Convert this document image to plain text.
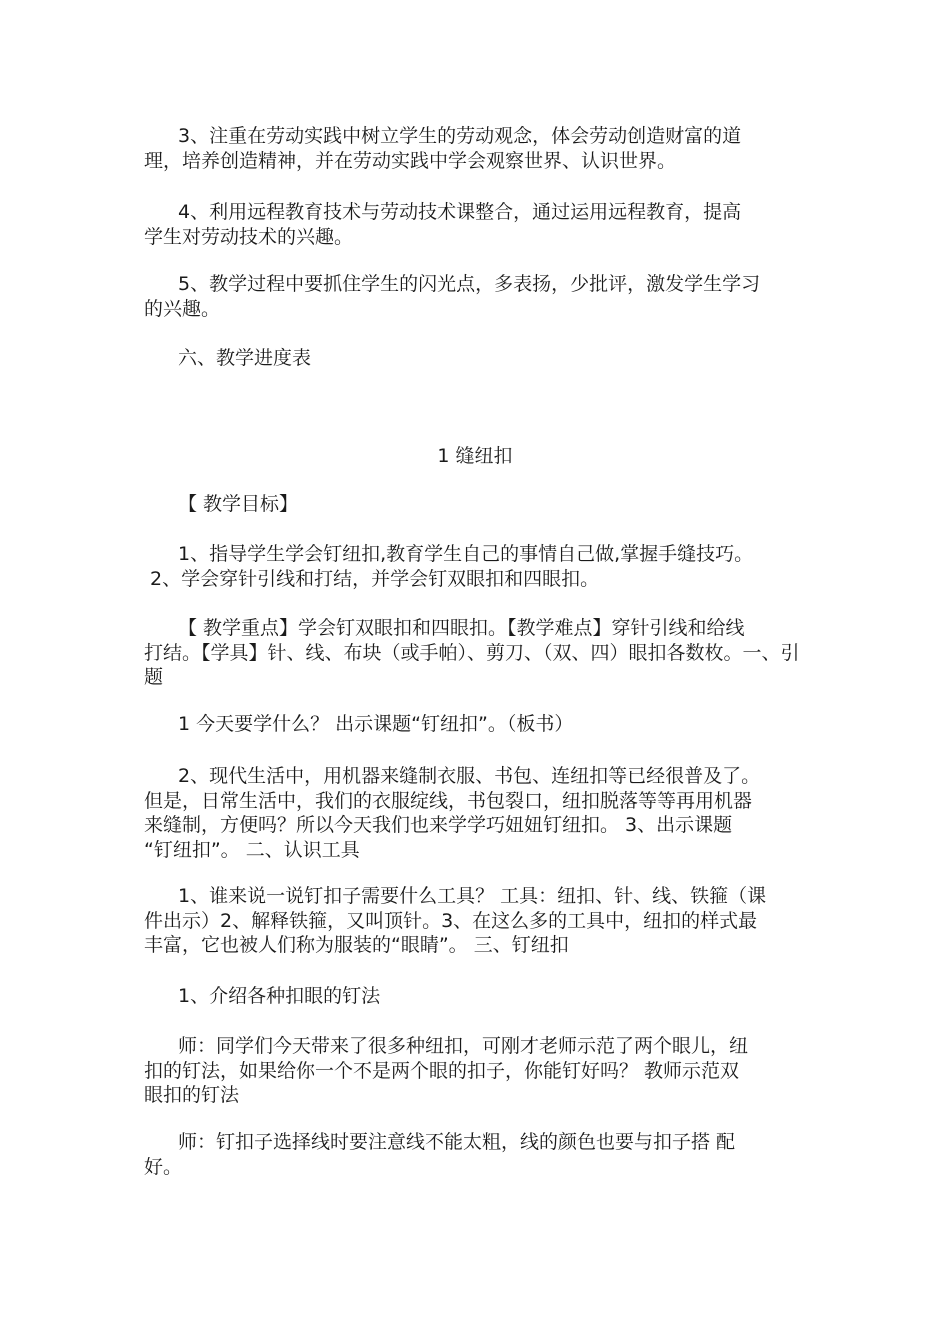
3、注重在劳动实践中树立学生的劳动观念，体会劳动创造财富的道
理，培养创造精神，并在劳动实践中学会观察世界、认识世界。
4、利用远程教育技术与劳动技术课整合，通过运用远程教育，提高
学生对劳动技术的兴趣。
5、教学过程中要抓住学生的闪光点，多表扬，少批评，激发学生学习
的兴趣。
六、教学进度表
1 缝纽扣
【 教学目标】
1、指导学生学会钉纽扣,教育学生自己的事情自己做,掌握手缝技巧。
2、学会穿针引线和打结，并学会钉双眼扣和四眼扣。
【 教学重点】学会钉双眼扣和四眼扣。【教学难点】穿针引线和给线
打结。【学具】针、线、布块（或手帕）、剪刀、（双、四）眼扣各数枚。一、引
题
1 今天要学什么？ 出示课题“钉纽扣”。（板书）
2、现代生活中，用机器来缝制衣服、书包、连纽扣等已经很普及了。
但是，日常生活中，我们的衣服绽线，书包裂口，纽扣脱落等等再用机器
来缝制，方便吗？所以今天我们也来学学巧妞妞钉纽扣。 3、出示课题
“钉纽扣”。 二、认识工具
1、谁来说一说钉扣子需要什么工具？ 工具：纽扣、针、线、铁箍（课
件出示）2、解释铁箍，又叫顶针。3、在这么多的工具中，纽扣的样式最
丰富，它也被人们称为服装的“眼睛”。 三、钉纽扣
1、介绍各种扣眼的钉法
师：同学们今天带来了很多种纽扣，可刚才老师示范了两个眼儿，纽
扣的钉法，如果给你一个不是两个眼的扣子，你能钉好吗？ 教师示范双
眼扣的钉法
师：钉扣子选择线时要注意线不能太粗，线的颜色也要与扣子搭 配
好。
